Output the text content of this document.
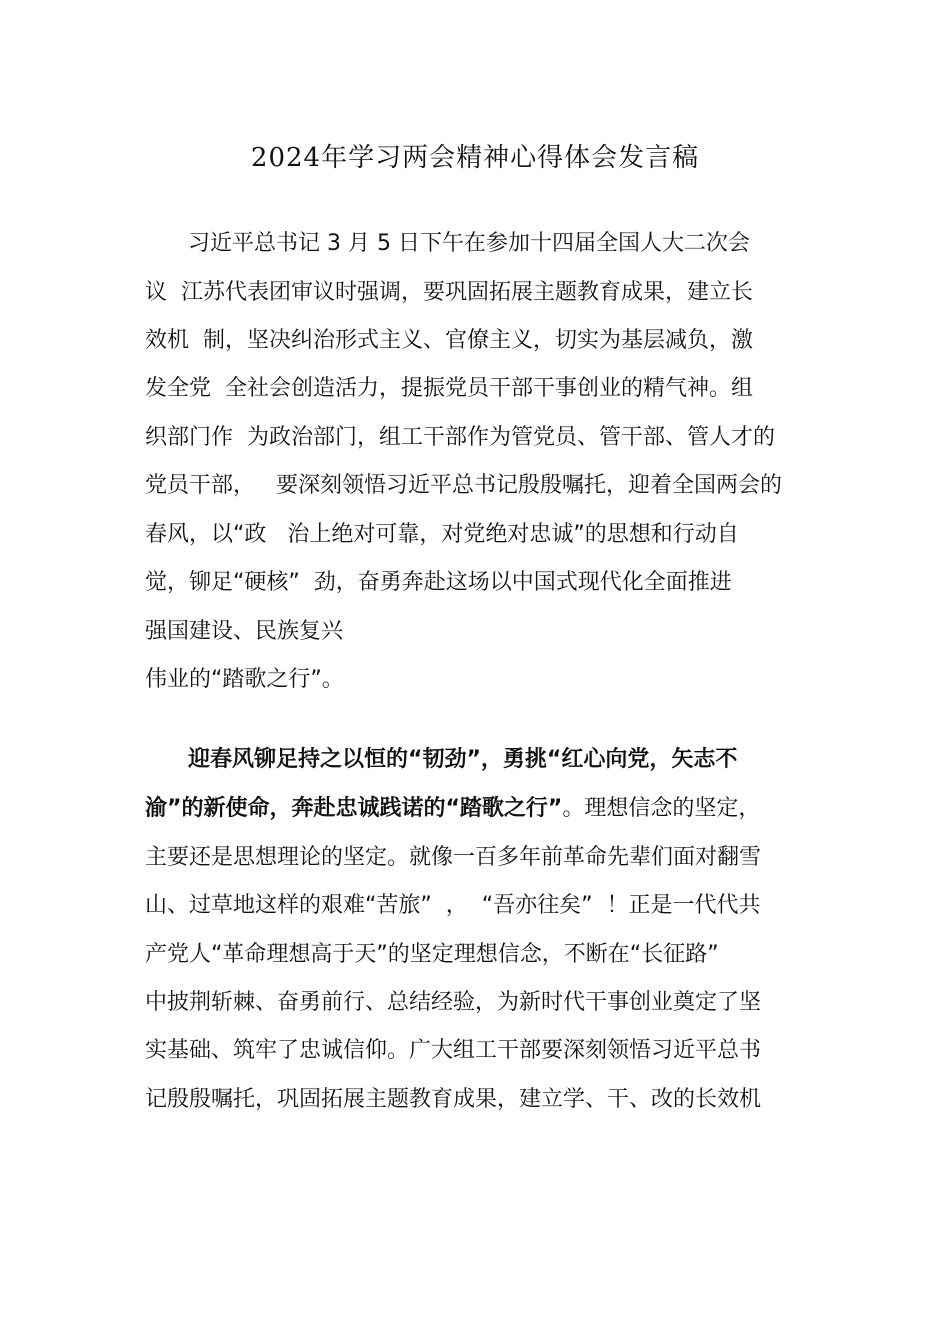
2024年学习两会精神心得体会发言稿
习近平总书记 3 月 5 日下午在参加十四届全国人大二次会
议  江苏代表团审议时强调，要巩固拓展主题教育成果，建立长
效机  制，坚决纠治形式主义、官僚主义，切实为基层减负，激
发全党  全社会创造活力，提振党员干部干事创业的精气神。组
织部门作  为政治部门，组工干部作为管党员、管干部、管人才的
党员干部，   要深刻领悟习近平总书记殷殷嘱托，迎着全国两会的
春风，以“政   治上绝对可靠，对党绝对忠诚”的思想和行动自
觉，铆足“硬核”  劲，奋勇奔赴这场以中国式现代化全面推进
强国建设、民族复兴
伟业的“踏歌之行”。
迎春风铆足持之以恒的“韧劲”，勇挑“红心向党，矢志不
渝”的新使命，奔赴忠诚践诺的“踏歌之行”。理想信念的坚定，
主要还是思想理论的坚定。就像一百多年前革命先辈们面对翻雪
山、过草地这样的艰难“苦旅”  ，  “吾亦往矣”  ！正是一代代共
产党人“革命理想高于天”的坚定理想信念，不断在“长征路”
中披荆斩棘、奋勇前行、总结经验，为新时代干事创业奠定了坚
实基础、筑牢了忠诚信仰。广大组工干部要深刻领悟习近平总书
记殷殷嘱托，巩固拓展主题教育成果，建立学、干、改的长效机
